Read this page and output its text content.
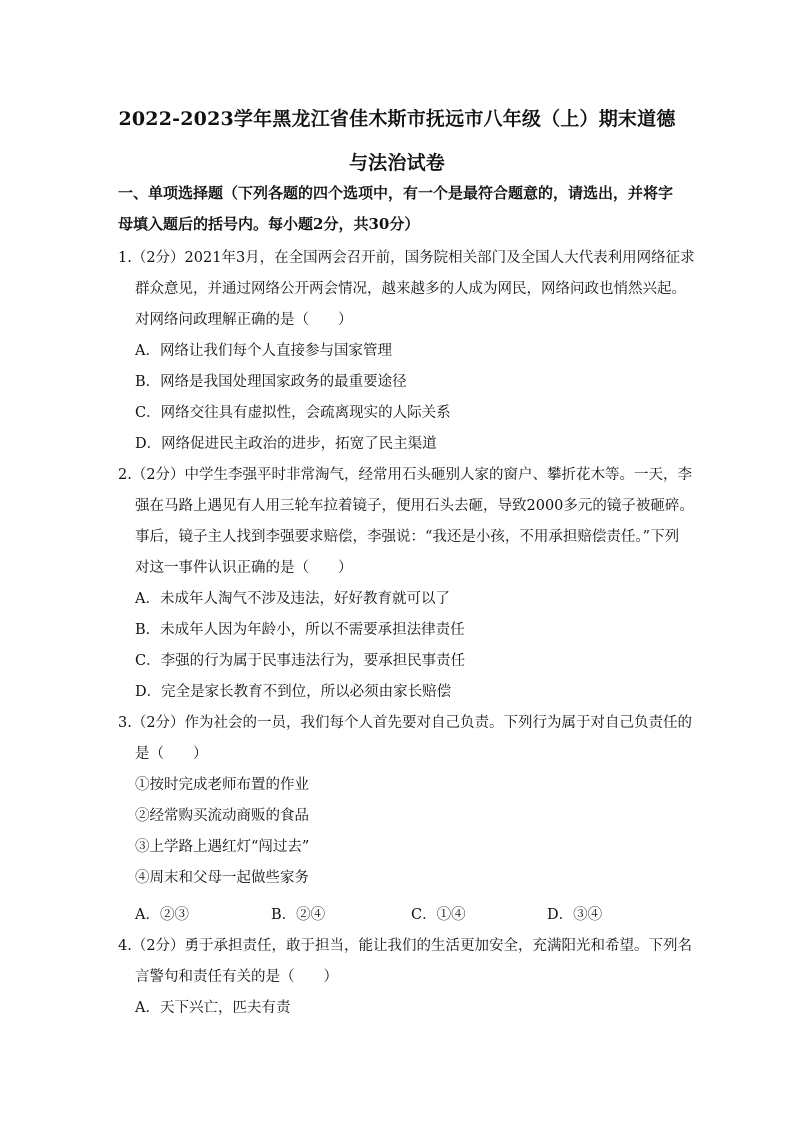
2022-2023学年黑龙江省佳木斯市抚远市八年级（上）期末道德
与法治试卷
一、单项选择题（下列各题的四个选项中，有一个是最符合题意的，请选出，并将字母填入题后的括号内。每小题2分，共30分）
1.（2分）2021年3月，在全国两会召开前，国务院相关部门及全国人大代表利用网络征求
群众意见，并通过网络公开两会情况，越来越多的人成为网民，网络问政也悄然兴起。
对网络问政理解正确的是（　　）
A．网络让我们每个人直接参与国家管理
B．网络是我国处理国家政务的最重要途径
C．网络交往具有虚拟性，会疏离现实的人际关系
D．网络促进民主政治的进步，拓宽了民主渠道
2.（2分）中学生李强平时非常淘气，经常用石头砸别人家的窗户、攀折花木等。一天，李
强在马路上遇见有人用三轮车拉着镜子，便用石头去砸，导致2000多元的镜子被砸碎。
事后，镜子主人找到李强要求赔偿，李强说：“我还是小孩，不用承担赔偿责任。”下列
对这一事件认识正确的是（　　）
A．未成年人淘气不涉及违法，好好教育就可以了
B．未成年人因为年龄小，所以不需要承担法律责任
C．李强的行为属于民事违法行为，要承担民事责任
D．完全是家长教育不到位，所以必须由家长赔偿
3.（2分）作为社会的一员，我们每个人首先要对自己负责。下列行为属于对自己负责任的
是（　　）
①按时完成老师布置的作业
②经常购买流动商贩的食品
③上学路上遇红灯“闯过去”
④周末和父母一起做些家务
A．②③	B．②④	C．①④	D．③④
4.（2分）勇于承担责任，敢于担当，能让我们的生活更加安全，充满阳光和希望。下列名
言警句和责任有关的是（　　）
A．天下兴亡，匹夫有责
